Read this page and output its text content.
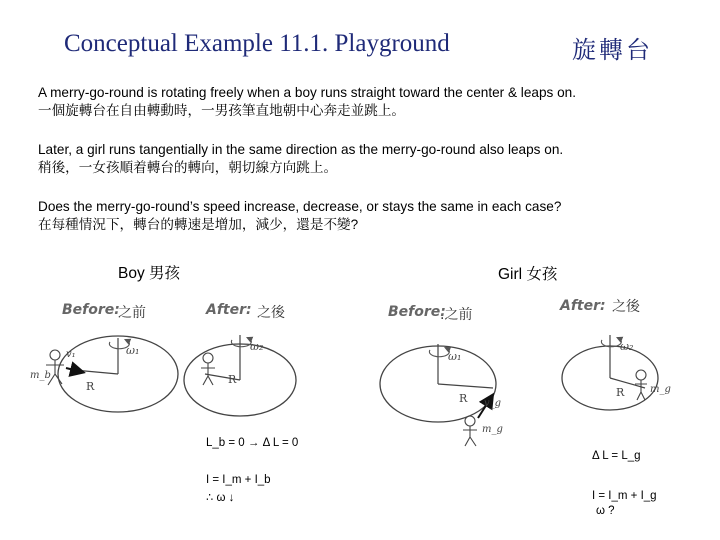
Conceptual Example 11.1. Playground	旋轉台
A merry-go-round is rotating freely when a boy runs straight toward the center & leaps on.
一個旋轉台在自由轉動時，一男孩筆直地朝中心奔走並跳上。
Later, a girl runs tangentially in the same direction as the merry-go-round also leaps on.
稍後，一女孩順着轉台的轉向，朝切線方向跳上。
Does the merry-go-round’s speed increase, decrease, or stays the same in each case?
在每種情況下，轉台的轉速是增加，減少，還是不變?
Boy 男孩	Girl 女孩
Before:
之前	After: 之後	Before:
.之前
After: 之後
ω₁
R
v₁
m_b
ω₂
R
ω₁
R v_g
m_g
ω₂
R	m_g
L_b = 0 → Δ L = 0
I = I_m + I_b
∴ ω ↓
Δ L = L_g
I = I_m + I_g
ω ?
